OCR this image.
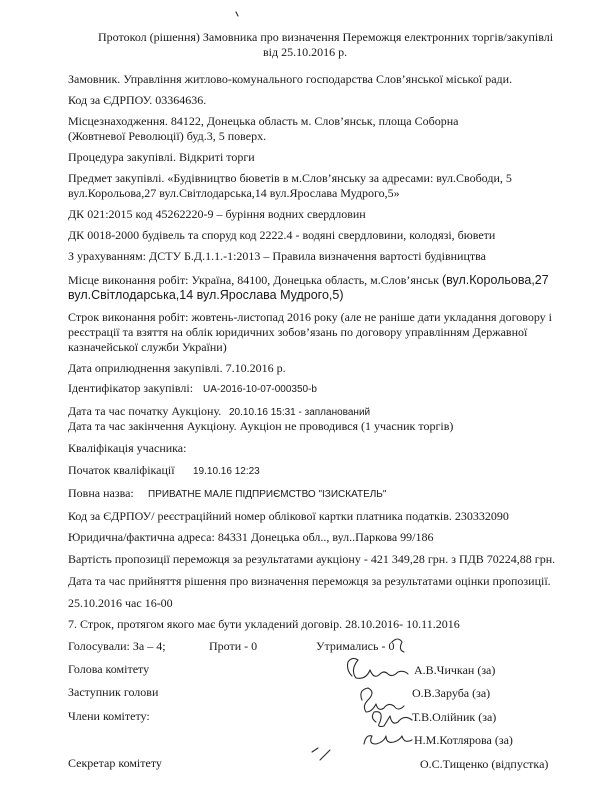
Протокол (рішення) Замовника про визначення Переможця електронних торгів/закупівлі
від 25.10.2016 р.
Замовник. Управління житлово-комунального господарства Слов’янської міської ради.
Код за ЄДРПОУ. 03364636.
Місцезнаходження. 84122, Донецька область м. Слов’янськ, площа Соборна
(Жовтневої Революції) буд.3, 5 поверх.
Процедура закупівлі. Відкриті торги
Предмет закупівлі. «Будівництво бюветів в м.Слов’янську за адресами: вул.Свободи, 5
вул.Корольова,27 вул.Світлодарська,14 вул.Ярослава Мудрого,5»
ДК 021:2015 код 45262220-9 – буріння водних свердловин
ДК 0018-2000 будівель та споруд код 2222.4 - водяні свердловини, колодязі, бювети
З урахуванням: ДСТУ Б.Д.1.1.-1:2013 – Правила визначення вартості будівництва
Місце виконання робіт: Україна, 84100, Донецька область, м.Слов’янськ (вул.Корольова,27
вул.Світлодарська,14 вул.Ярослава Мудрого,5)
Строк виконання робіт: жовтень-листопад 2016 року (але не раніше дати укладання договору і
реєстрації та взяття на облік юридичних зобов’язань по договору управлінням Державної
казначейської служби України)
Дата оприлюднення закупівлі. 7.10.2016 р.
Ідентифікатор закупівлі: UA-2016-10-07-000350-b
Дата та час початку Аукціону. 20.10.16 15:31 - запланований
Дата та час закінчення Аукціону. Аукціон не проводився (1 учасник торгів)
Кваліфікація учасника:
Початок кваліфікації 19.10.16 12:23
Повна назва: ПРИВАТНЕ МАЛЕ ПІДПРИЄМСТВО "ІЗИСКАТЕЛЬ"
Код за ЄДРПОУ/ реєстраційний номер облікової картки платника податків. 230332090
Юридична/фактична адреса: 84331 Донецька обл.., вул..Паркова 99/186
Вартість пропозиції переможця за результатами аукціону - 421 349,28 грн. з ПДВ 70224,88 грн.
Дата та час прийняття рішення про визначення переможця за результатами оцінки пропозиції.
25.10.2016 час 16-00
7. Строк, протягом якого має бути укладений договір. 28.10.2016- 10.11.2016
Голосували: За – 4;	Проти - 0	Утримались - 0
Голова комітету	А.В.Чичкан (за)
Заступник голови	О.В.Заруба (за)
Члени комітету:	Т.В.Олійник (за)
Н.М.Котлярова (за)
Секретар комітету	О.С.Тищенко (відпустка)
